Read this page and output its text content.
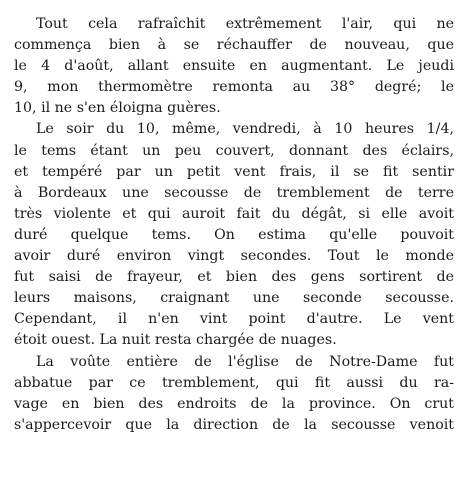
Tout cela rafraîchit extrêmement l'air, qui ne
commença bien à se réchauffer de nouveau, que
le 4 d'août, allant ensuite en augmentant. Le jeudi
9, mon thermomètre remonta au 38° degré; le
10, il ne s'en éloigna guères.
Le soir du 10, même, vendredi, à 10 heures 1/4,
le tems étant un peu couvert, donnant des éclairs,
et tempéré par un petit vent frais, il se fit sentir
à Bordeaux une secousse de tremblement de terre
très violente et qui auroit fait du dégât, si elle avoit
duré quelque tems. On estima qu'elle pouvoit
avoir duré environ vingt secondes. Tout le monde
fut saisi de frayeur, et bien des gens sortirent de
leurs maisons, craignant une seconde secousse.
Cependant, il n'en vint point d'autre. Le vent
étoit ouest. La nuit resta chargée de nuages.
La voûte entière de l'église de Notre-Dame fut
abbatue par ce tremblement, qui fit aussi du ra-
vage en bien des endroits de la province. On crut
s'appercevoir que la direction de la secousse venoit
